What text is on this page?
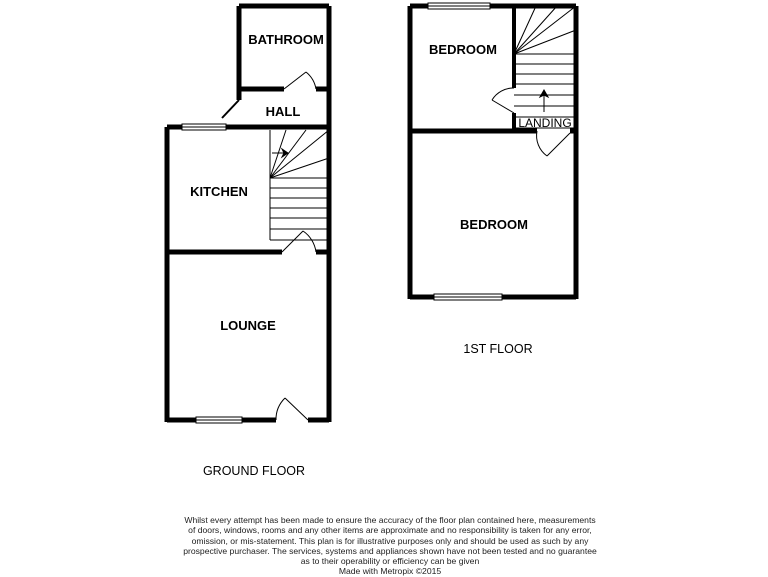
BATHROOM
HALL
KITCHEN
LOUNGE
BEDROOM
LANDING
BEDROOM
GROUND FLOOR
1ST FLOOR
Whilst every attempt has been made to ensure the accuracy of the floor plan contained here, measurements
of doors, windows, rooms and any other items are approximate and no responsibility is taken for any error,
omission, or mis-statement. This plan is for illustrative purposes only and should be used as such by any
prospective purchaser. The services, systems and appliances shown have not been tested and no guarantee
as to their operability or efficiency can be given
Made with Metropix ©2015
